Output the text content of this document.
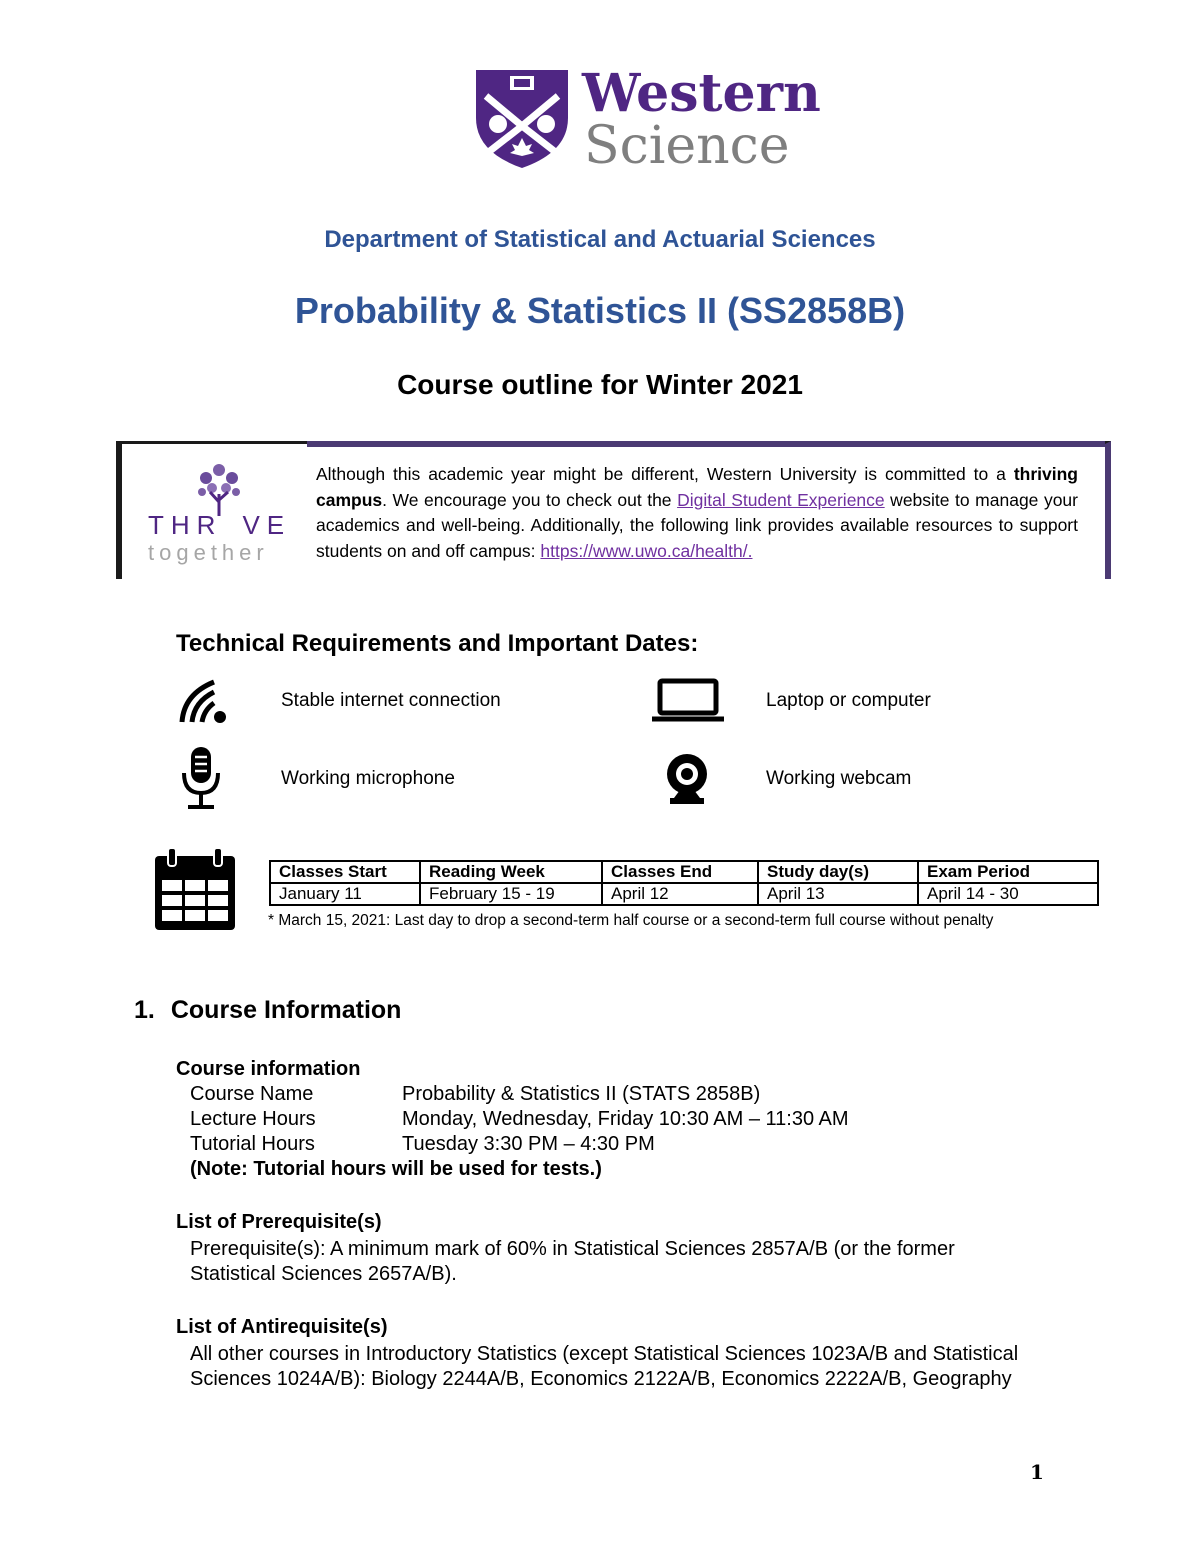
Western
Science
Department of Statistical and Actuarial Sciences
Probability & Statistics II (SS2858B)
Course outline for Winter 2021
THR VE
together
Although this academic year might be different, Western University is committed to a thriving campus. We encourage you to check out the Digital Student Experience website to manage your academics and well-being. Additionally, the following link provides available resources to support students on and off campus: https://www.uwo.ca/health/.
Technical Requirements and Important Dates:
Stable internet connection	Laptop or computer
Working microphone	Working webcam
Classes Start	Reading Week	Classes End	Study day(s)	Exam Period
January 11	February 15 - 19	April 12	April 13	April 14 - 30
* March 15, 2021: Last day to drop a second-term half course or a second-term full course without penalty
1. Course Information
Course information
Course Name	Probability & Statistics II (STATS 2858B)
Lecture Hours	Monday, Wednesday, Friday 10:30 AM – 11:30 AM
Tutorial Hours	Tuesday 3:30 PM – 4:30 PM
(Note: Tutorial hours will be used for tests.)
List of Prerequisite(s)
Prerequisite(s): A minimum mark of 60% in Statistical Sciences 2857A/B (or the former Statistical Sciences 2657A/B).
List of Antirequisite(s)
All other courses in Introductory Statistics (except Statistical Sciences 1023A/B and Statistical Sciences 1024A/B): Biology 2244A/B, Economics 2122A/B, Economics 2222A/B, Geography
1
